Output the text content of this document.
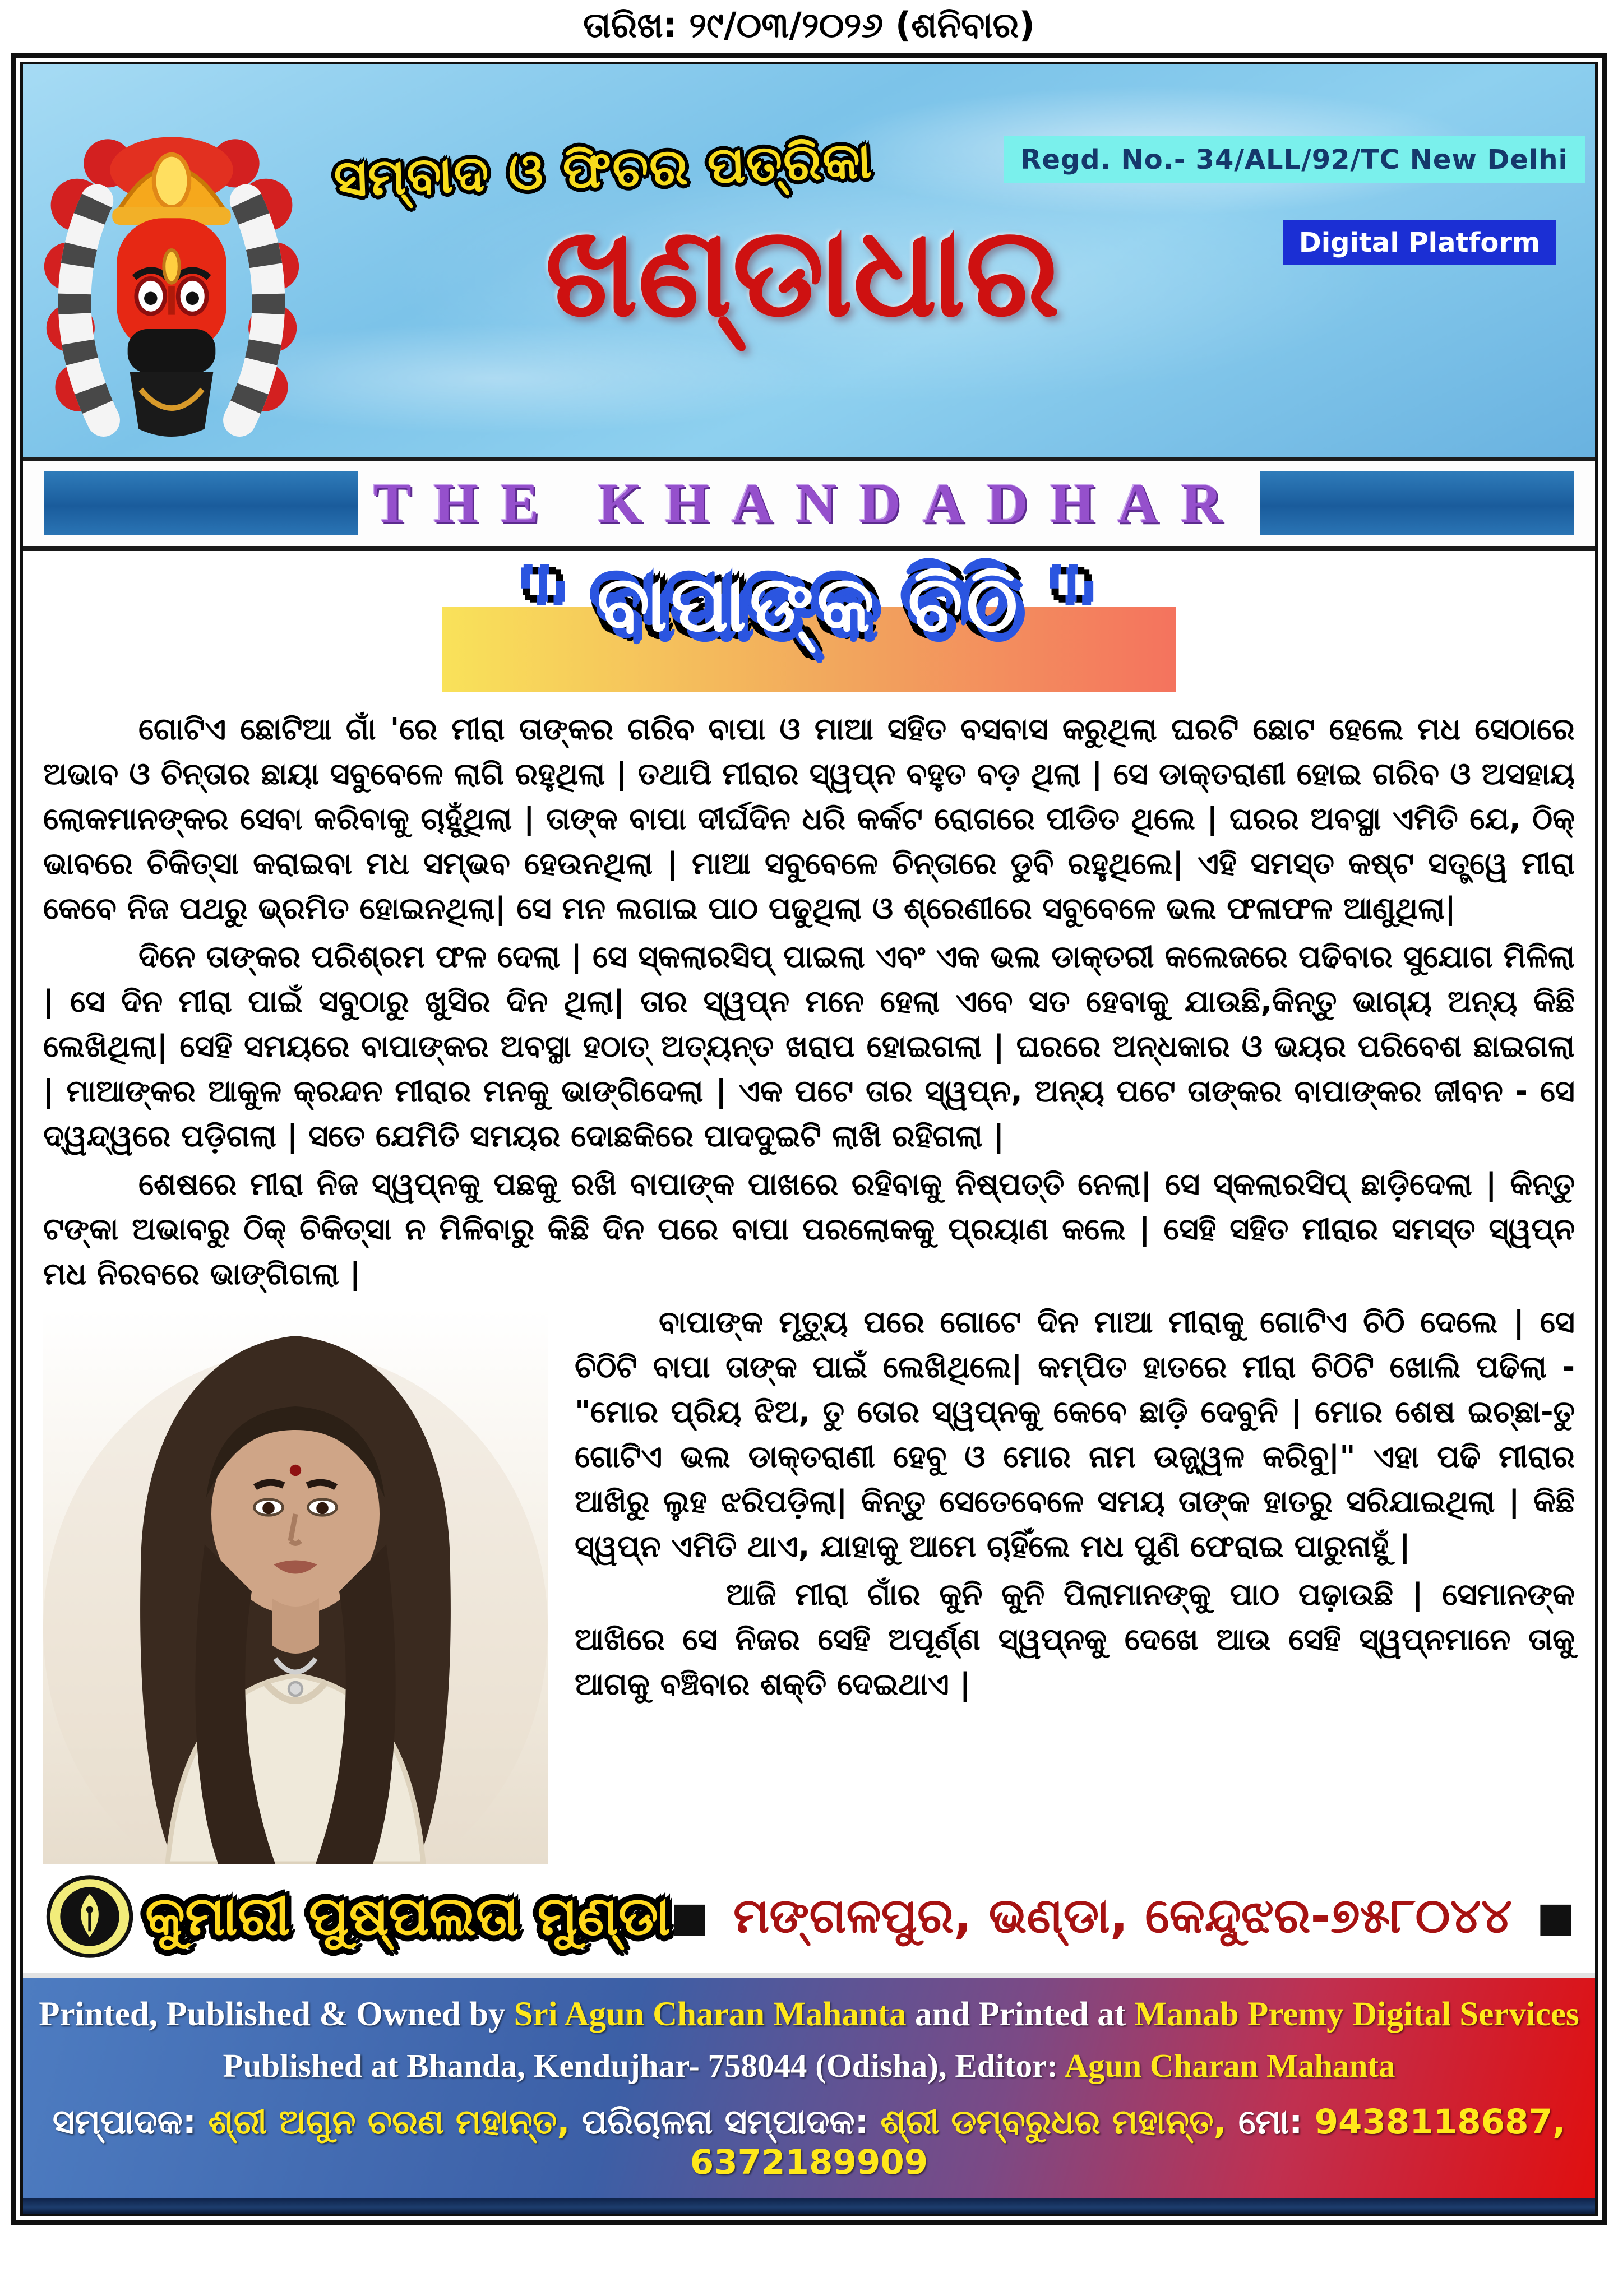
ତାରିଖ: ୨୯/୦୩/୨୦୨୬ (ଶନିବାର)
ସମ୍ବାଦ ଓ ଫିଚର ପତ୍ରିକା
ଖଣ୍ଡାଧାର
Regd. No.- 34/ALL/92/TC New Delhi
Digital Platform
THE KHANDADHAR
" ବାପାଙ୍କ ଚିଠି "

ଗୋଟିଏ ଛୋଟିଆ ଗାଁ 'ରେ ମୀରା ତାଙ୍କର ଗରିବ ବାପା ଓ ମାଆ ସହିତ ବସବାସ କରୁଥିଲା ଘରଟି ଛୋଟ ହେଲେ ମଧ ସେଠାରେ ଅଭାବ ଓ ଚିନ୍ତାର ଛାୟା ସବୁବେଳେ ଲାଗି ରହୁଥିଲା | ତଥାପି ମୀରାର ସ୍ୱପ୍ନ ବହୁତ ବଡ଼ ଥିଲା | ସେ ଡାକ୍ତରାଣୀ ହୋଇ ଗରିବ ଓ ଅସହାୟ ଲୋକମାନଙ୍କର ସେବା କରିବାକୁ ଚାହୁଁଥିଲା | ତାଙ୍କ ବାପା ଦୀର୍ଘଦିନ ଧରି କର୍କଟ ରୋଗରେ ପୀଡିତ ଥିଲେ | ଘରର ଅବସ୍ଥା ଏମିତି ଯେ, ଠିକ୍ ଭାବରେ ଚିକିତ୍ସା କରାଇବା ମଧ ସମ୍ଭବ ହେଉନଥିଲା | ମାଆ ସବୁବେଳେ ଚିନ୍ତାରେ ଡୁବି ରହୁଥିଲେ| ଏହି ସମସ୍ତ କଷ୍ଟ ସତ୍ତ୍ୱେ ମୀରା କେବେ ନିଜ ପଥରୁ ଭ୍ରମିତ ହୋଇନଥିଲା| ସେ ମନ ଲଗାଇ ପାଠ ପଢୁଥିଲା ଓ ଶ୍ରେଣୀରେ ସବୁବେଳେ ଭଲ ଫଳାଫଳ ଆଣୁଥିଲା|

ଦିନେ ତାଙ୍କର ପରିଶ୍ରମ ଫଳ ଦେଲା | ସେ ସ୍କଲାରସିପ୍ ପାଇଲା ଏବଂ ଏକ ଭଲ ଡାକ୍ତରୀ କଲେଜରେ ପଢିବାର ସୁଯୋଗ ମିଳିଲା | ସେ ଦିନ ମୀରା ପାଇଁ ସବୁଠାରୁ ଖୁସିର ଦିନ ଥିଲା| ତାର ସ୍ୱପ୍ନ ମନେ ହେଲା ଏବେ ସତ ହେବାକୁ ଯାଉଛି,କିନ୍ତୁ ଭାଗ୍ୟ ଅନ୍ୟ କିଛି ଲେଖିଥିଲା| ସେହି ସମୟରେ ବାପାଙ୍କର ଅବସ୍ଥା ହଠାତ୍ ଅତ୍ୟନ୍ତ ଖରାପ ହୋଇଗଲା | ଘରରେ ଅନ୍ଧକାର ଓ ଭୟର ପରିବେଶ ଛାଇଗଲା | ମାଆଙ୍କର ଆକୁଳ କ୍ରନ୍ଦନ ମୀରାର ମନକୁ ଭାଙ୍ଗିଦେଲା | ଏକ ପଟେ ତାର ସ୍ୱପ୍ନ, ଅନ୍ୟ ପଟେ ତାଙ୍କର ବାପାଙ୍କର ଜୀବନ - ସେ ଦ୍ୱନ୍ଦ୍ୱରେ ପଡ଼ିଗଲା | ସତେ ଯେମିତି ସମୟର ଦୋଛକିରେ ପାଦଦୁଇଟି ଲାଖି ରହିଗଲା |

ଶେଷରେ ମୀରା ନିଜ ସ୍ୱପ୍ନକୁ ପଛକୁ ରଖି ବାପାଙ୍କ ପାଖରେ ରହିବାକୁ ନିଷ୍ପତ୍ତି ନେଲା| ସେ ସ୍କଲାରସିପ୍ ଛାଡ଼ିଦେଲା | କିନ୍ତୁ ଟଙ୍କା ଅଭାବରୁ ଠିକ୍ ଚିକିତ୍ସା ନ ମିଳିବାରୁ କିଛି ଦିନ ପରେ ବାପା ପରଲୋକକୁ ପ୍ରୟାଣ କଲେ | ସେହି ସହିତ ମୀରାର ସମସ୍ତ ସ୍ୱପ୍ନ ମଧ ନିରବରେ ଭାଙ୍ଗିଗଲା |

ବାପାଙ୍କ ମୃତ୍ୟୁ ପରେ ଗୋଟେ ଦିନ ମାଆ ମୀରାକୁ ଗୋଟିଏ ଚିଠି ଦେଲେ | ସେ ଚିଠିଟି ବାପା ତାଙ୍କ ପାଇଁ ଲେଖିଥିଲେ| କମ୍ପିତ ହାତରେ ମୀରା ଚିଠିଟି ଖୋଲି ପଢିଲା - "ମୋର ପ୍ରିୟ ଝିଅ, ତୁ ତୋର ସ୍ୱପ୍ନକୁ କେବେ ଛାଡ଼ି ଦେବୁନି | ମୋର ଶେଷ ଇଚ୍ଛା-ତୁ ଗୋଟିଏ ଭଲ ଡାକ୍ତରାଣୀ ହେବୁ ଓ ମୋର ନାମ ଉଜ୍ଜ୍ୱଳ କରିବୁ|" ଏହା ପଢି ମୀରାର ଆଖିରୁ ଲୁହ ଝରିପଡ଼ିଲା| କିନ୍ତୁ ସେତେବେଳେ ସମୟ ତାଙ୍କ ହାତରୁ ସରିଯାଇଥିଲା | କିଛି ସ୍ୱପ୍ନ ଏମିତି ଥାଏ, ଯାହାକୁ ଆମେ ଚାହିଁଲେ ମଧ ପୁଣି ଫେରାଇ ପାରୁନାହୁଁ |

ଆଜି ମୀରା ଗାଁର କୁନି କୁନି ପିଲାମାନଙ୍କୁ ପାଠ ପଢ଼ାଉଛି | ସେମାନଙ୍କ ଆଖିରେ ସେ ନିଜର ସେହି ଅପୂର୍ଣ୍ଣ ସ୍ୱପ୍ନକୁ ଦେଖେ ଆଉ ସେହି ସ୍ୱପ୍ନମାନେ ତାକୁ ଆଗକୁ ବଞ୍ଚିବାର ଶକ୍ତି ଦେଇଥାଏ |

କୁମାରୀ ପୁଷ୍ପଲତା ମୁଣ୍ଡା ■ ମଙ୍ଗଳପୁର, ଭଣ୍ଡା, କେନ୍ଦୁଝର-୭୫୮୦୪୪ ■
Printed, Published & Owned by Sri Agun Charan Mahanta and Printed at Manab Premy Digital Services
Published at Bhanda, Kendujhar- 758044 (Odisha), Editor: Agun Charan Mahanta
ସମ୍ପାଦକ: ଶ୍ରୀ ଅଗୁନ ଚରଣ ମହାନ୍ତ, ପରିଚାଳନା ସମ୍ପାଦକ: ଶ୍ରୀ ଡମ୍ବରୁଧର ମହାନ୍ତ, ମୋ: 9438118687, 6372189909
